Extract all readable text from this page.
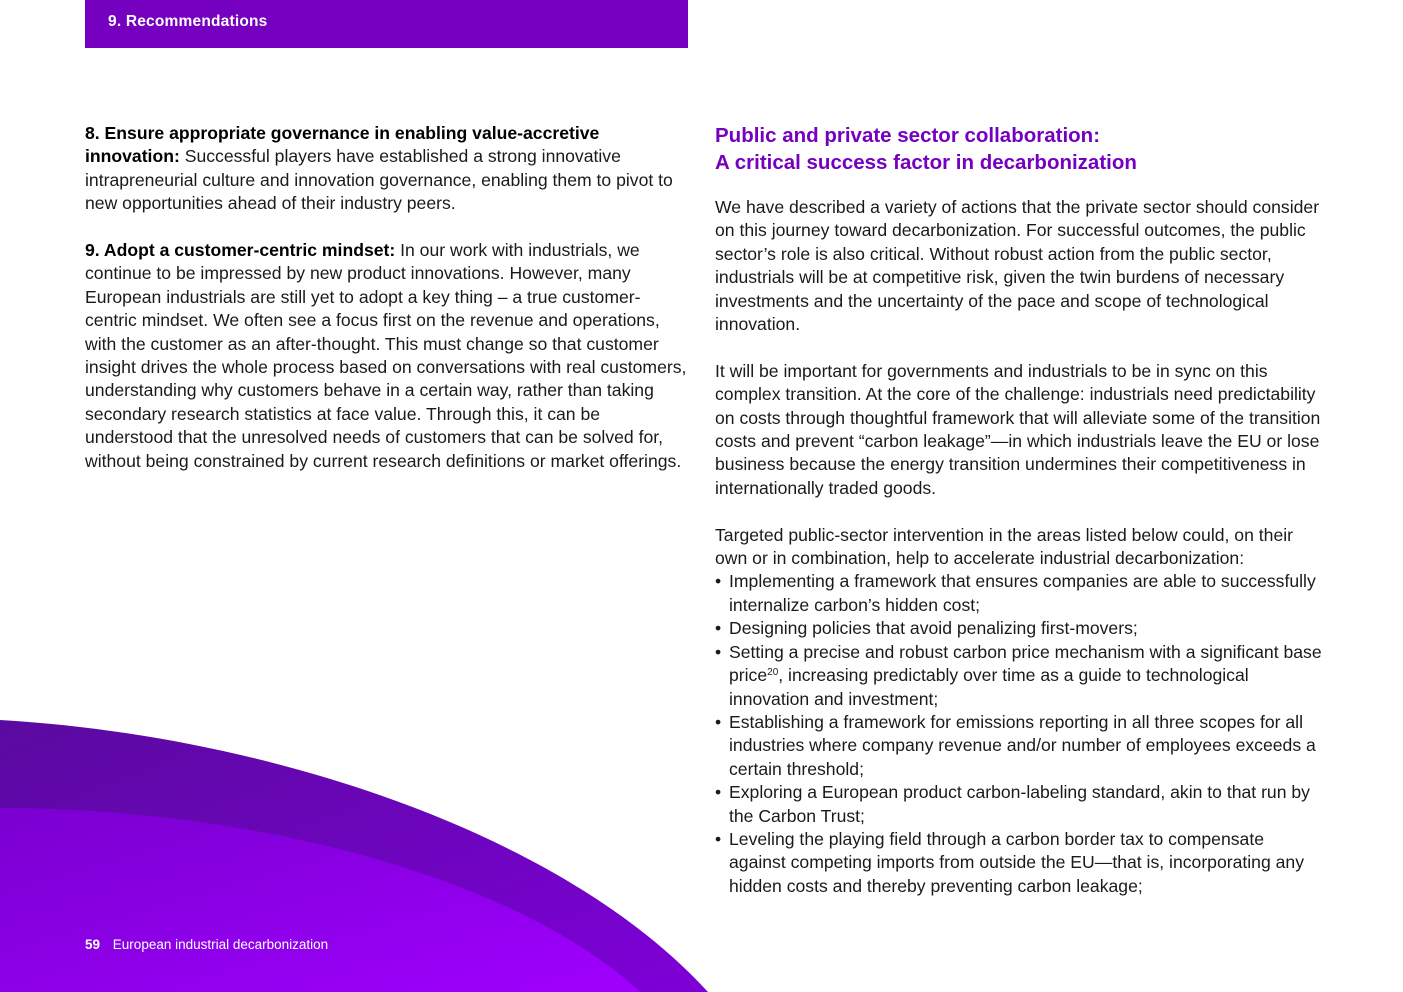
9. Recommendations

8. Ensure appropriate governance in enabling value-accretive innovation: Successful players have established a strong innovative intrapreneurial culture and innovation governance, enabling them to pivot to new opportunities ahead of their industry peers.

9. Adopt a customer-centric mindset: In our work with industrials, we continue to be impressed by new product innovations. However, many European industrials are still yet to adopt a key thing – a true customer-centric mindset. We often see a focus first on the revenue and operations, with the customer as an after-thought. This must change so that customer insight drives the whole process based on conversations with real customers, understanding why customers behave in a certain way, rather than taking secondary research statistics at face value. Through this, it can be understood that the unresolved needs of customers that can be solved for, without being constrained by current research definitions or market offerings.

Public and private sector collaboration:
A critical success factor in decarbonization

We have described a variety of actions that the private sector should consider on this journey toward decarbonization. For successful outcomes, the public sector’s role is also critical. Without robust action from the public sector, industrials will be at competitive risk, given the twin burdens of necessary investments and the uncertainty of the pace and scope of technological innovation.

It will be important for governments and industrials to be in sync on this complex transition. At the core of the challenge: industrials need predictability on costs through thoughtful framework that will alleviate some of the transition costs and prevent “carbon leakage”—in which industrials leave the EU or lose business because the energy transition undermines their competitiveness in internationally traded goods.

Targeted public-sector intervention in the areas listed below could, on their own or in combination, help to accelerate industrial decarbonization:

• Implementing a framework that ensures companies are able to successfully internalize carbon’s hidden cost;
• Designing policies that avoid penalizing first-movers;
• Setting a precise and robust carbon price mechanism with a significant base price$^{20}$, increasing predictably over time as a guide to technological innovation and investment;
• Establishing a framework for emissions reporting in all three scopes for all industries where company revenue and/or number of employees exceeds a certain threshold;
• Exploring a European product carbon-labeling standard, akin to that run by the Carbon Trust;
• Leveling the playing field through a carbon border tax to compensate against competing imports from outside the EU—that is, incorporating any hidden costs and thereby preventing carbon leakage;
59 European industrial decarbonization
